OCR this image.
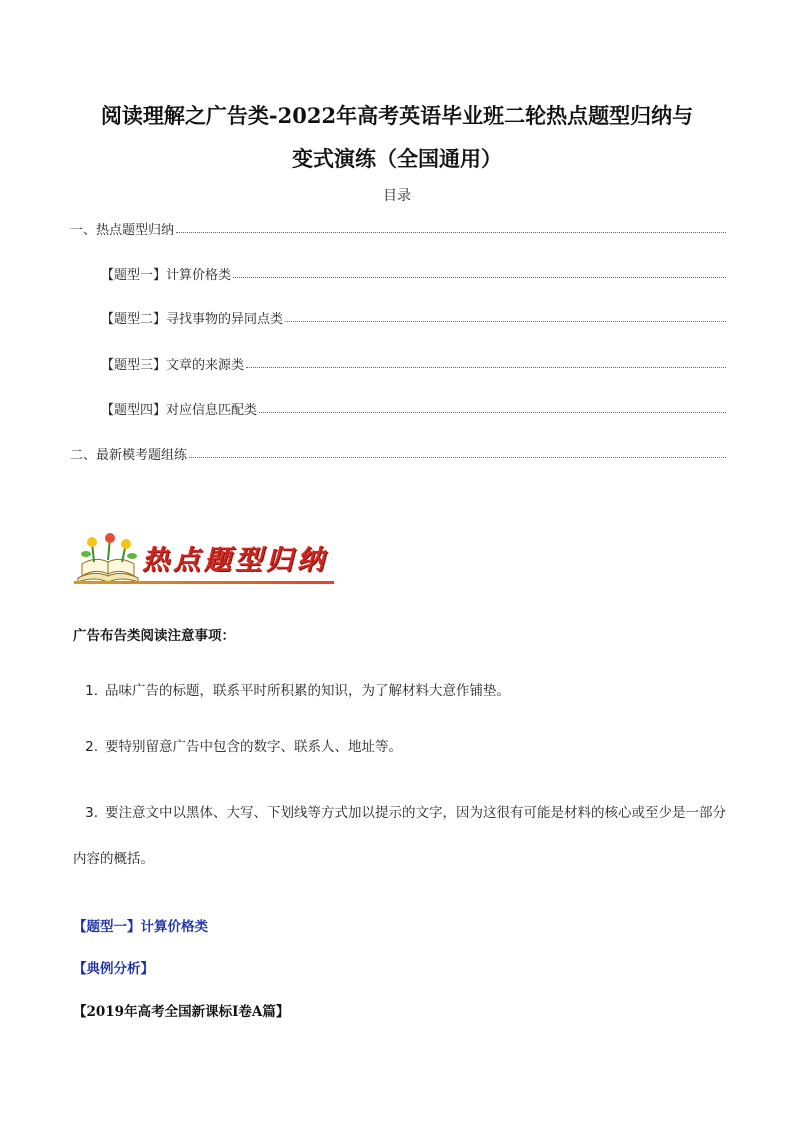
阅读理解之广告类-2022年高考英语毕业班二轮热点题型归纳与
变式演练（全国通用）
目录
一、热点题型归纳
【题型一】计算价格类
【题型二】寻找事物的异同点类
【题型三】文章的来源类
【题型四】对应信息匹配类
二、最新模考题组练
热点题型归纳
广告布告类阅读注意事项：
1. 品味广告的标题，联系平时所积累的知识，为了解材料大意作铺垫。
2. 要特别留意广告中包含的数字、联系人、地址等。
3. 要注意文中以黑体、大写、下划线等方式加以提示的文字，因为这很有可能是材料的核心或至少是一部分内容的概括。
【题型一】计算价格类
【典例分析】
【2019年高考全国新课标I卷A篇】
